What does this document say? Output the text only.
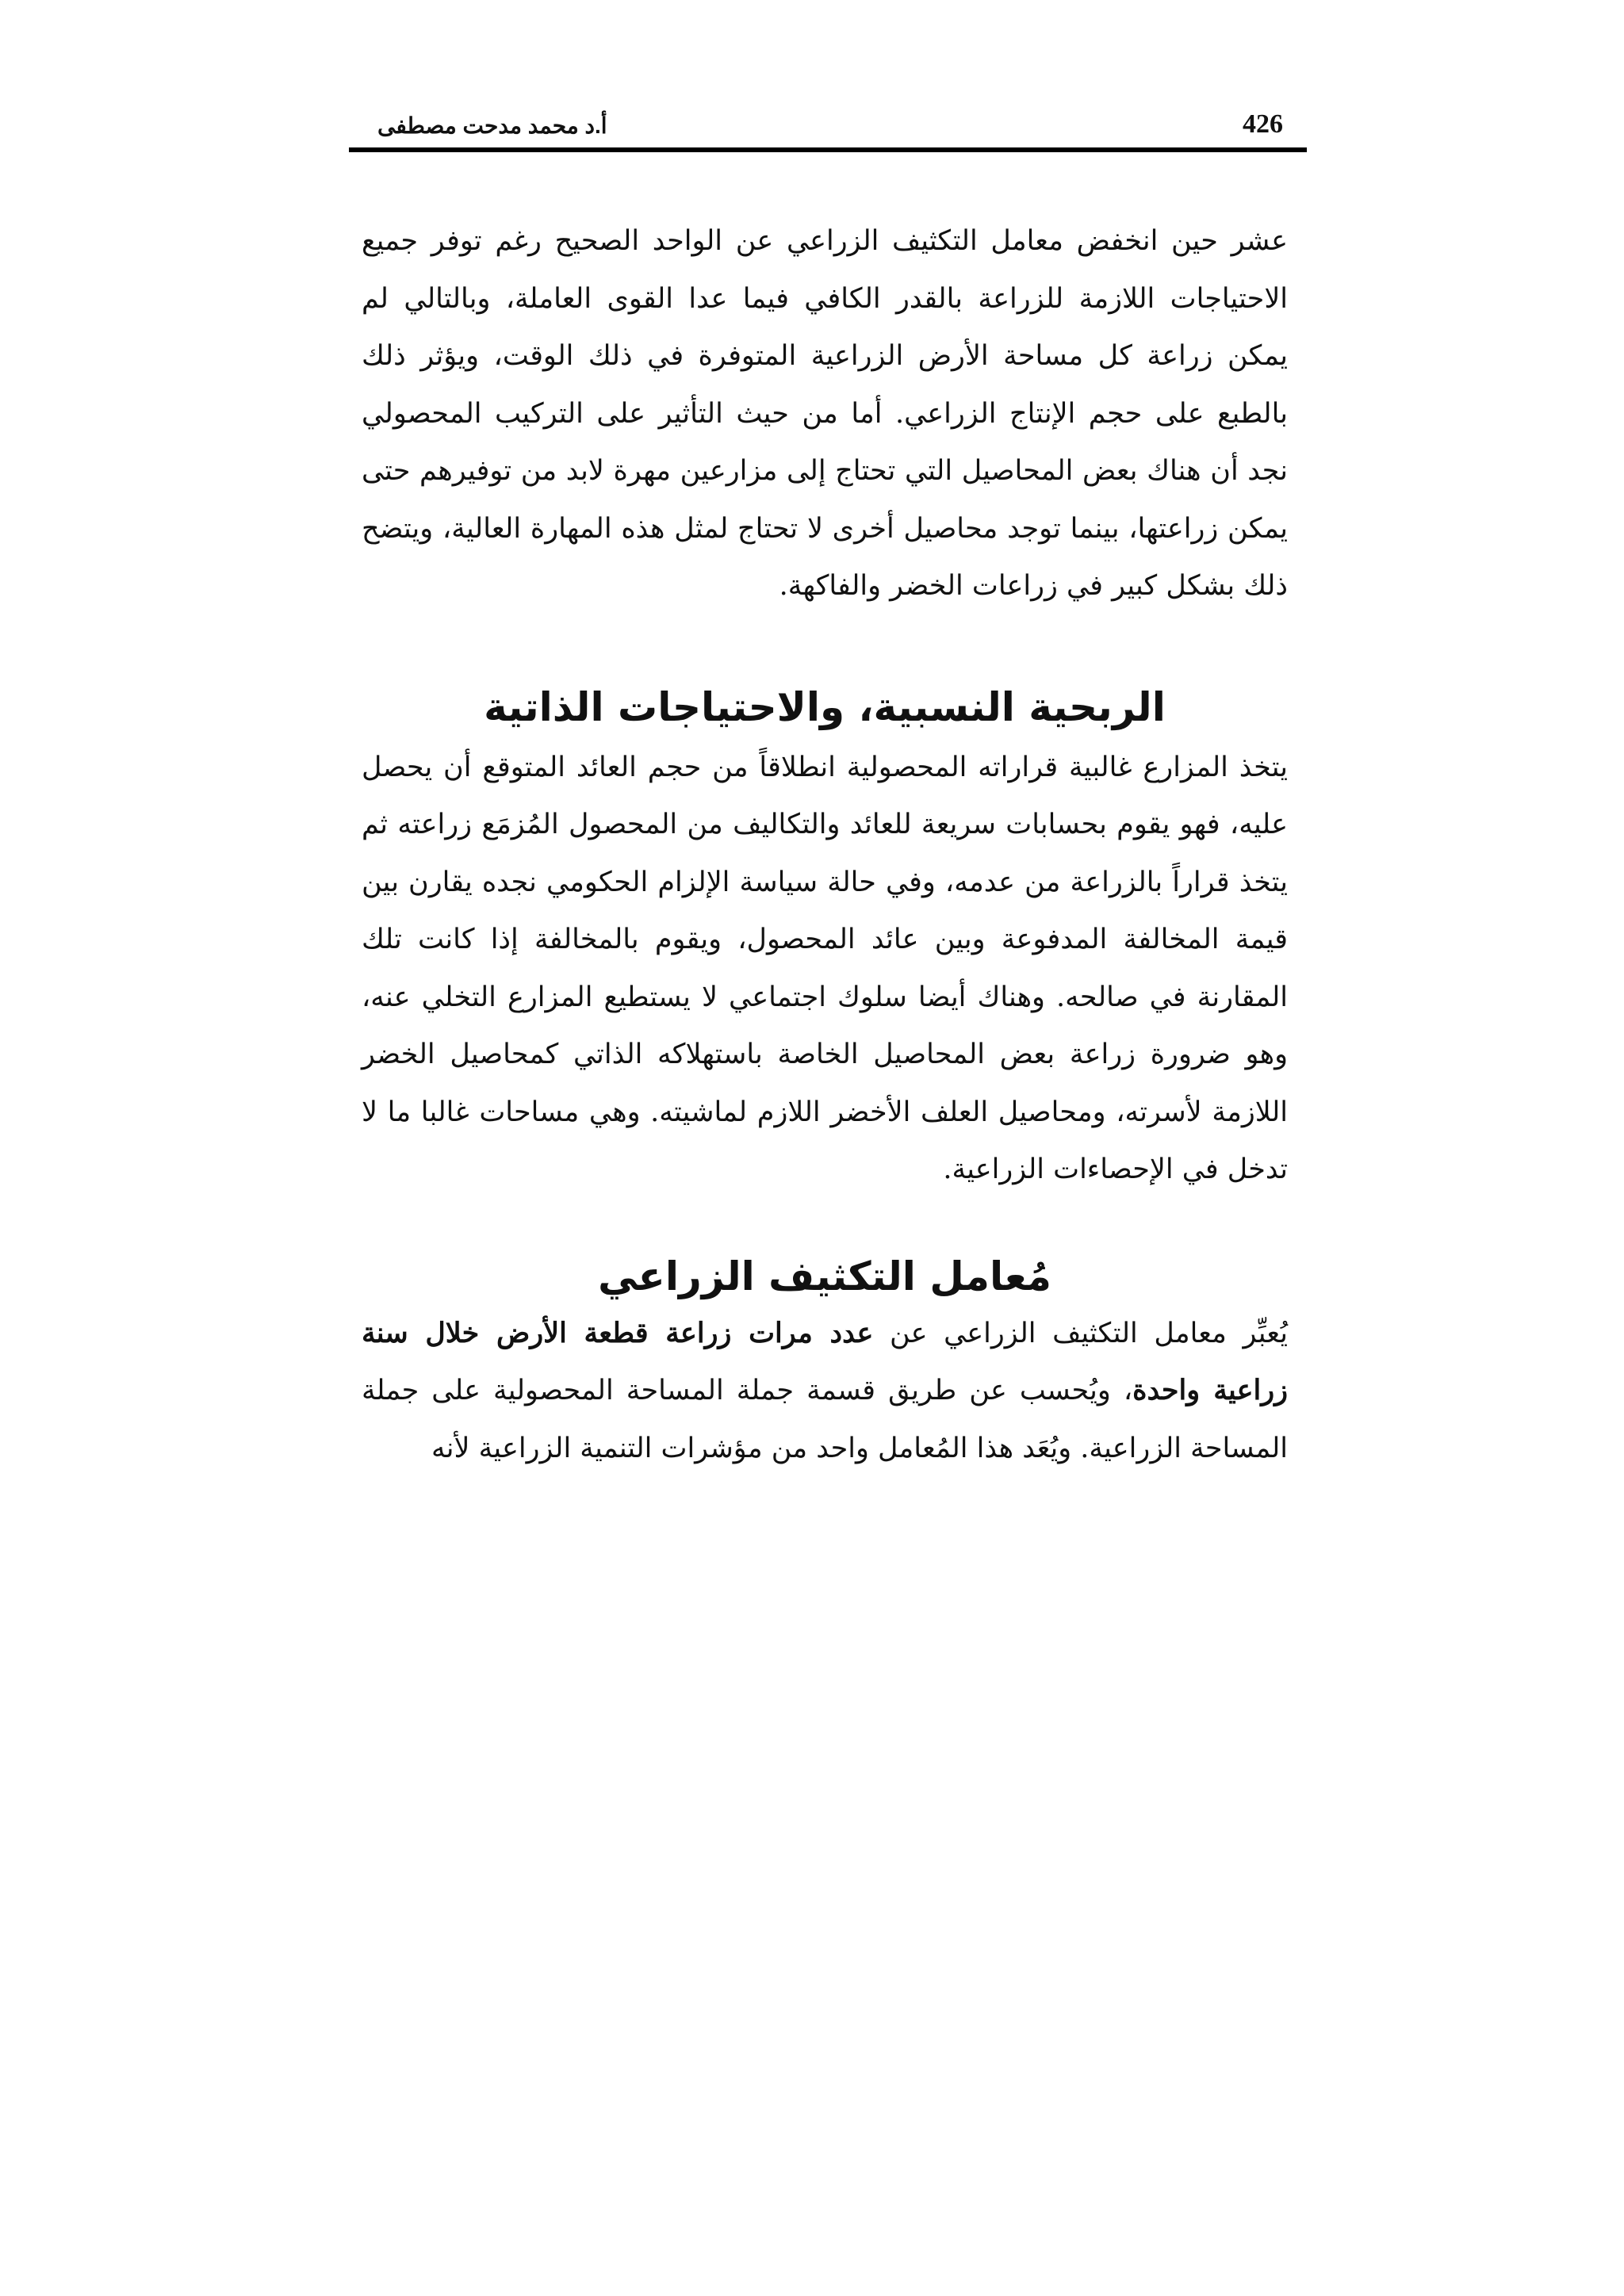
426
أ.د محمد مدحت مصطفى

عشر حين انخفض معامل التكثيف الزراعي عن الواحد الصحيح رغم توفر جميع الاحتياجات اللازمة للزراعة بالقدر الكافي فيما عدا القوى العاملة، وبالتالي لم يمكن زراعة كل مساحة الأرض الزراعية المتوفرة في ذلك الوقت، ويؤثر ذلك بالطبع على حجم الإنتاج الزراعي. أما من حيث التأثير على التركيب المحصولي نجد أن هناك بعض المحاصيل التي تحتاج إلى مزارعين مهرة لابد من توفيرهم حتى يمكن زراعتها، بينما توجد محاصيل أخرى لا تحتاج لمثل هذه المهارة العالية، ويتضح ذلك بشكل كبير في زراعات الخضر والفاكهة.

الربحية النسبية، والاحتياجات الذاتية

يتخذ المزارع غالبية قراراته المحصولية انطلاقاً من حجم العائد المتوقع أن يحصل عليه، فهو يقوم بحسابات سريعة للعائد والتكاليف من المحصول المُزمَع زراعته ثم يتخذ قراراً بالزراعة من عدمه، وفي حالة سياسة الإلزام الحكومي نجده يقارن بين قيمة المخالفة المدفوعة وبين عائد المحصول، ويقوم بالمخالفة إذا كانت تلك المقارنة في صالحه. وهناك أيضا سلوك اجتماعي لا يستطيع المزارع التخلي عنه، وهو ضرورة زراعة بعض المحاصيل الخاصة باستهلاكه الذاتي كمحاصيل الخضر اللازمة لأسرته، ومحاصيل العلف الأخضر اللازم لماشيته. وهي مساحات غالبا ما لا تدخل في الإحصاءات الزراعية.

مُعامل التكثيف الزراعي

يُعبِّر معامل التكثيف الزراعي عن عدد مرات زراعة قطعة الأرض خلال سنة زراعية واحدة، ويُحسب عن طريق قسمة جملة المساحة المحصولية على جملة المساحة الزراعية. ويُعَد هذا المُعامل واحد من مؤشرات التنمية الزراعية لأنه
